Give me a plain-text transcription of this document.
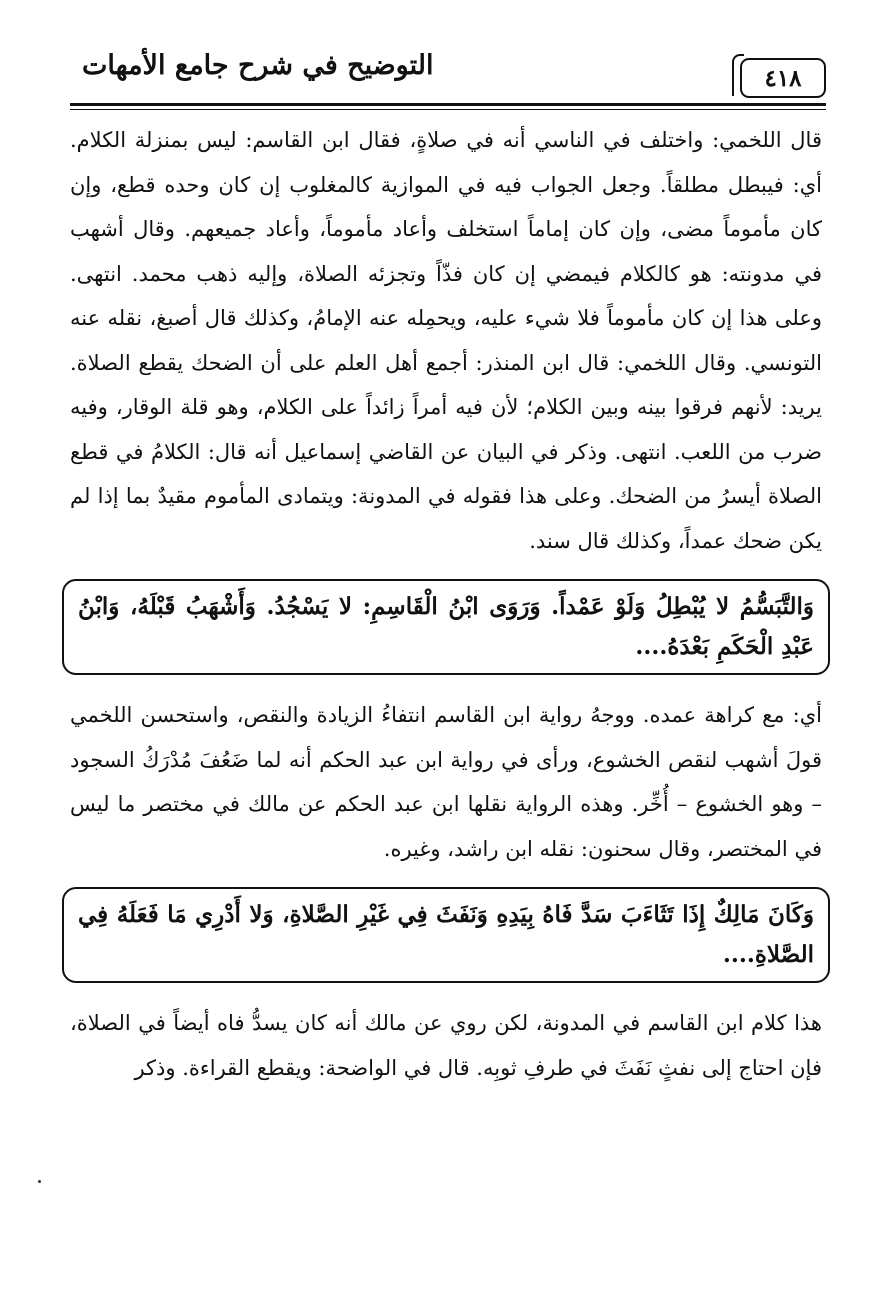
٤١٨
التوضيح في شرح جامع الأمهات

قال اللخمي: واختلف في الناسي أنه في صلاةٍ، فقال ابن القاسم: ليس بمنزلة الكلام. أي: فيبطل مطلقاً. وجعل الجواب فيه في الموازية كالمغلوب إن كان وحده قطع، وإن كان مأموماً مضى، وإن كان إماماً استخلف وأعاد مأموماً، وأعاد جميعهم. وقال أشهب في مدونته: هو كالكلام فيمضي إن كان فذّاً وتجزئه الصلاة، وإليه ذهب محمد. انتهى. وعلى هذا إن كان مأموماً فلا شيء عليه، ويحمِله عنه الإمامُ، وكذلك قال أصبغ، نقله عنه التونسي. وقال اللخمي: قال ابن المنذر: أجمع أهل العلم على أن الضحك يقطع الصلاة. يريد: لأنهم فرقوا بينه وبين الكلام؛ لأن فيه أمراً زائداً على الكلام، وهو قلة الوقار، وفيه ضرب من اللعب. انتهى. وذكر في البيان عن القاضي إسماعيل أنه قال: الكلامُ في قطع الصلاة أيسرُ من الضحك. وعلى هذا فقوله في المدونة: ويتمادى المأموم مقيدٌ بما إذا لم يكن ضحك عمداً، وكذلك قال سند.

وَالتَّبَسُّمُ لا يُبْطِلُ وَلَوْ عَمْداً. وَرَوَى ابْنُ الْقَاسِمِ: لا يَسْجُدُ. وَأَشْهَبُ قَبْلَهُ، وَابْنُ عَبْدِ الْحَكَمِ بَعْدَهُ....

أي: مع كراهة عمده. ووجهُ رواية ابن القاسم انتفاءُ الزيادة والنقص، واستحسن اللخمي قولَ أشهب لنقص الخشوع، ورأى في رواية ابن عبد الحكم أنه لما ضَعُفَ مُدْرَكُ السجود – وهو الخشوع – أُخِّر. وهذه الرواية نقلها ابن عبد الحكم عن مالك في مختصر ما ليس في المختصر، وقال سحنون: نقله ابن راشد، وغيره.

وَكَانَ مَالِكٌ إِذَا تَثَاءَبَ سَدَّ فَاهُ بِيَدِهِ وَنَفَثَ فِي غَيْرِ الصَّلاةِ، وَلا أَدْرِي مَا فَعَلَهُ فِي الصَّلاةِ....

هذا كلام ابن القاسم في المدونة، لكن روي عن مالك أنه كان يسدُّ فاه أيضاً في الصلاة، فإن احتاج إلى نفثٍ نَفَثَ في طرفِ ثوبِه. قال في الواضحة: ويقطع القراءة. وذكر
